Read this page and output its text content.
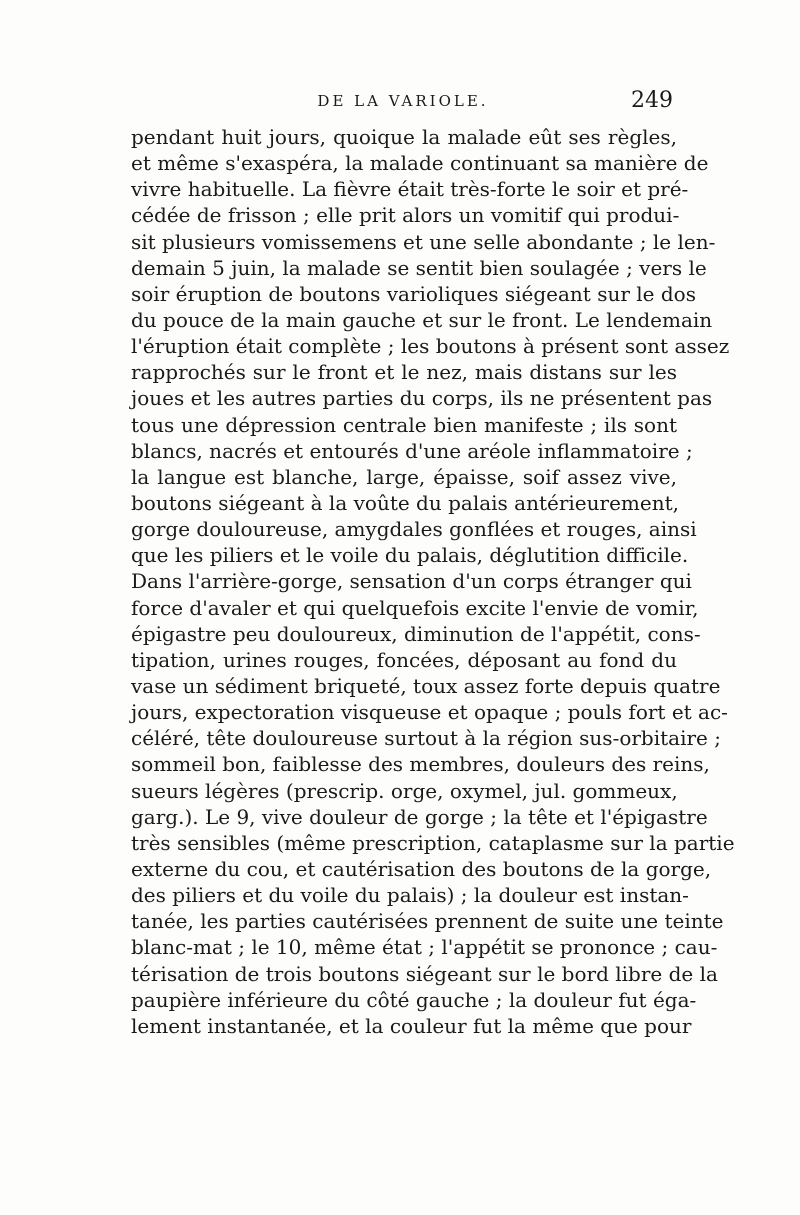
DE LA VARIOLE.	249
pendant huit jours, quoique la malade eût ses règles,
et même s'exaspéra, la malade continuant sa manière de
vivre habituelle. La fièvre était très-forte le soir et pré-
cédée de frisson ; elle prit alors un vomitif qui produi-
sit plusieurs vomissemens et une selle abondante ; le len-
demain 5 juin, la malade se sentit bien soulagée ; vers le
soir éruption de boutons varioliques siégeant sur le dos
du pouce de la main gauche et sur le front. Le lendemain
l'éruption était complète ; les boutons à présent sont assez
rapprochés sur le front et le nez, mais distans sur les
joues et les autres parties du corps, ils ne présentent pas
tous une dépression centrale bien manifeste ; ils sont
blancs, nacrés et entourés d'une aréole inflammatoire ;
la langue est blanche, large, épaisse, soif assez vive,
boutons siégeant à la voûte du palais antérieurement,
gorge douloureuse, amygdales gonflées et rouges, ainsi
que les piliers et le voile du palais, déglutition difficile.
Dans l'arrière-gorge, sensation d'un corps étranger qui
force d'avaler et qui quelquefois excite l'envie de vomir,
épigastre peu douloureux, diminution de l'appétit, cons-
tipation, urines rouges, foncées, déposant au fond du
vase un sédiment briqueté, toux assez forte depuis quatre
jours, expectoration visqueuse et opaque ; pouls fort et ac-
céléré, tête douloureuse surtout à la région sus-orbitaire ;
sommeil bon, faiblesse des membres, douleurs des reins,
sueurs légères (prescrip. orge, oxymel, jul. gommeux,
garg.). Le 9, vive douleur de gorge ; la tête et l'épigastre
très sensibles (même prescription, cataplasme sur la partie
externe du cou, et cautérisation des boutons de la gorge,
des piliers et du voile du palais) ; la douleur est instan-
tanée, les parties cautérisées prennent de suite une teinte
blanc-mat ; le 10, même état ; l'appétit se prononce ; cau-
térisation de trois boutons siégeant sur le bord libre de la
paupière inférieure du côté gauche ; la douleur fut éga-
lement instantanée, et la couleur fut la même que pour
